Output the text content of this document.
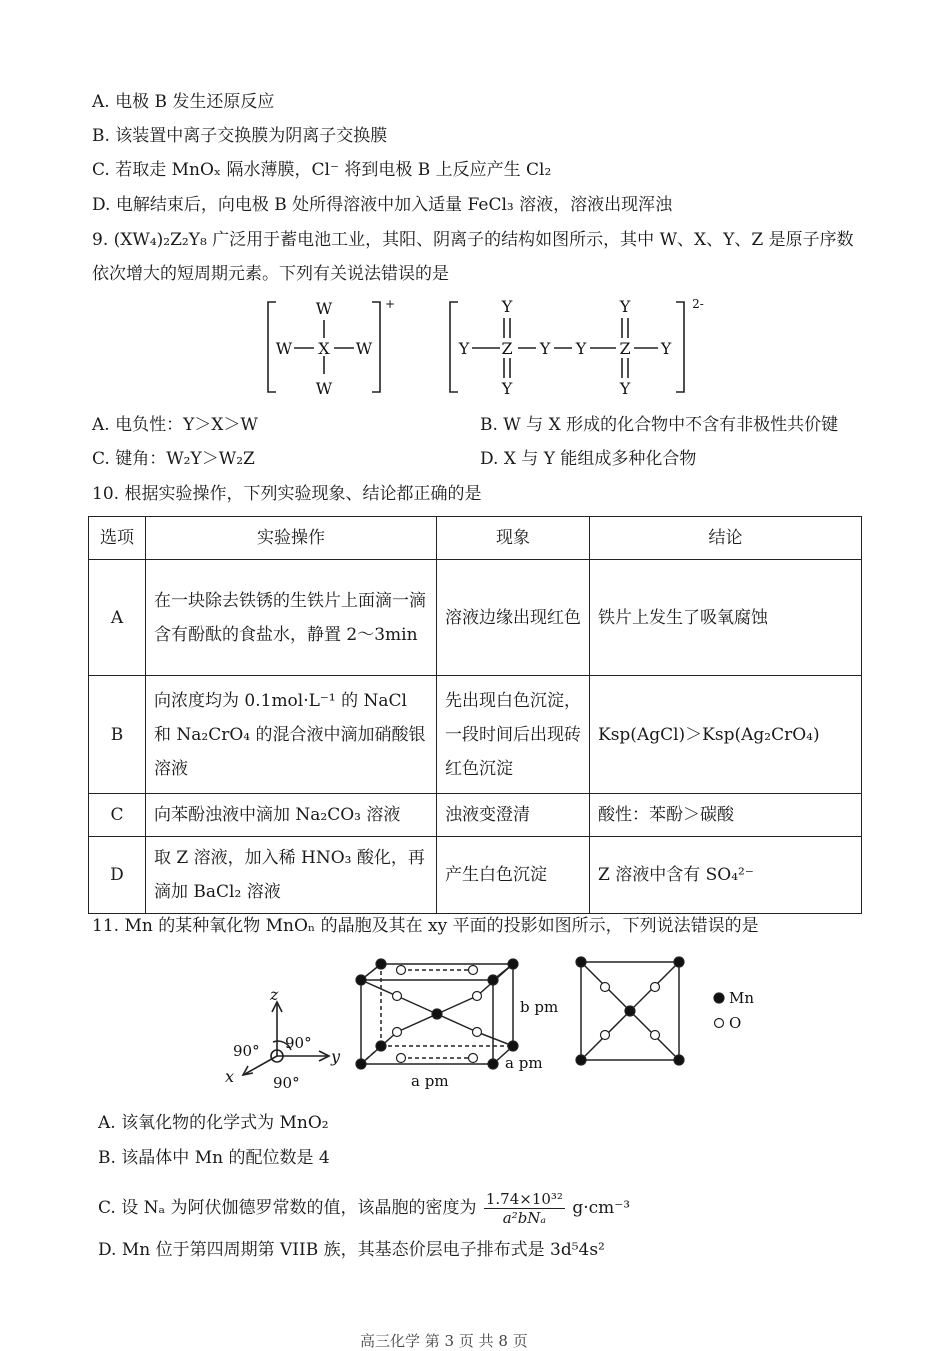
A. 电极 B 发生还原反应
B. 该装置中离子交换膜为阴离子交换膜
C. 若取走 MnOₓ 隔水薄膜，Cl⁻ 将到电极 B 上反应产生 Cl₂
D. 电解结束后，向电极 B 处所得溶液中加入适量 FeCl₃ 溶液，溶液出现浑浊
9. (XW₄)₂Z₂Y₈ 广泛用于蓄电池工业，其阳、阴离子的结构如图所示，其中 W、X、Y、Z 是原子序数
依次增大的短周期元素。下列有关说法错误的是
W
X
W
W	W
+
Y Z
Y
Y
Y Y Z
Y
Y
Y
2-
A. 电负性：Y＞X＞W	B. W 与 X 形成的化合物中不含有非极性共价键
C. 键角：W₂Y＞W₂Z	D. X 与 Y 能组成多种化合物
10. 根据实验操作，下列实验现象、结论都正确的是
选项	实验操作	现象	结论
A	在一块除去铁锈的生铁片上面滴一滴含有酚酞的食盐水，静置 2～3min	溶液边缘出现红色	铁片上发生了吸氧腐蚀
B	向浓度均为 0.1mol·L⁻¹ 的 NaCl 和 Na₂CrO₄ 的混合液中滴加硝酸银溶液	先出现白色沉淀，一段时间后出现砖红色沉淀	Ksp(AgCl)＞Ksp(Ag₂CrO₄)
C	向苯酚浊液中滴加 Na₂CO₃ 溶液	浊液变澄清	酸性：苯酚＞碳酸
D	取 Z 溶液，加入稀 HNO₃ 酸化，再滴加 BaCl₂ 溶液	产生白色沉淀	Z 溶液中含有 SO₄²⁻
11. Mn 的某种氧化物 MnOₙ 的晶胞及其在 xy 平面的投影如图所示，下列说法错误的是
z
y
x
90° 90°
90°
b pm
a pm
a pm
Mn
O
A. 该氧化物的化学式为 MnO₂
B. 该晶体中 Mn 的配位数是 4
C. 设 Nₐ 为阿伏伽德罗常数的值，该晶胞的密度为 1.74×10³²
a²bNₐ	g·cm⁻³
D. Mn 位于第四周期第 VIIB 族，其基态价层电子排布式是 3d⁵4s²
高三化学 第 3 页 共 8 页
